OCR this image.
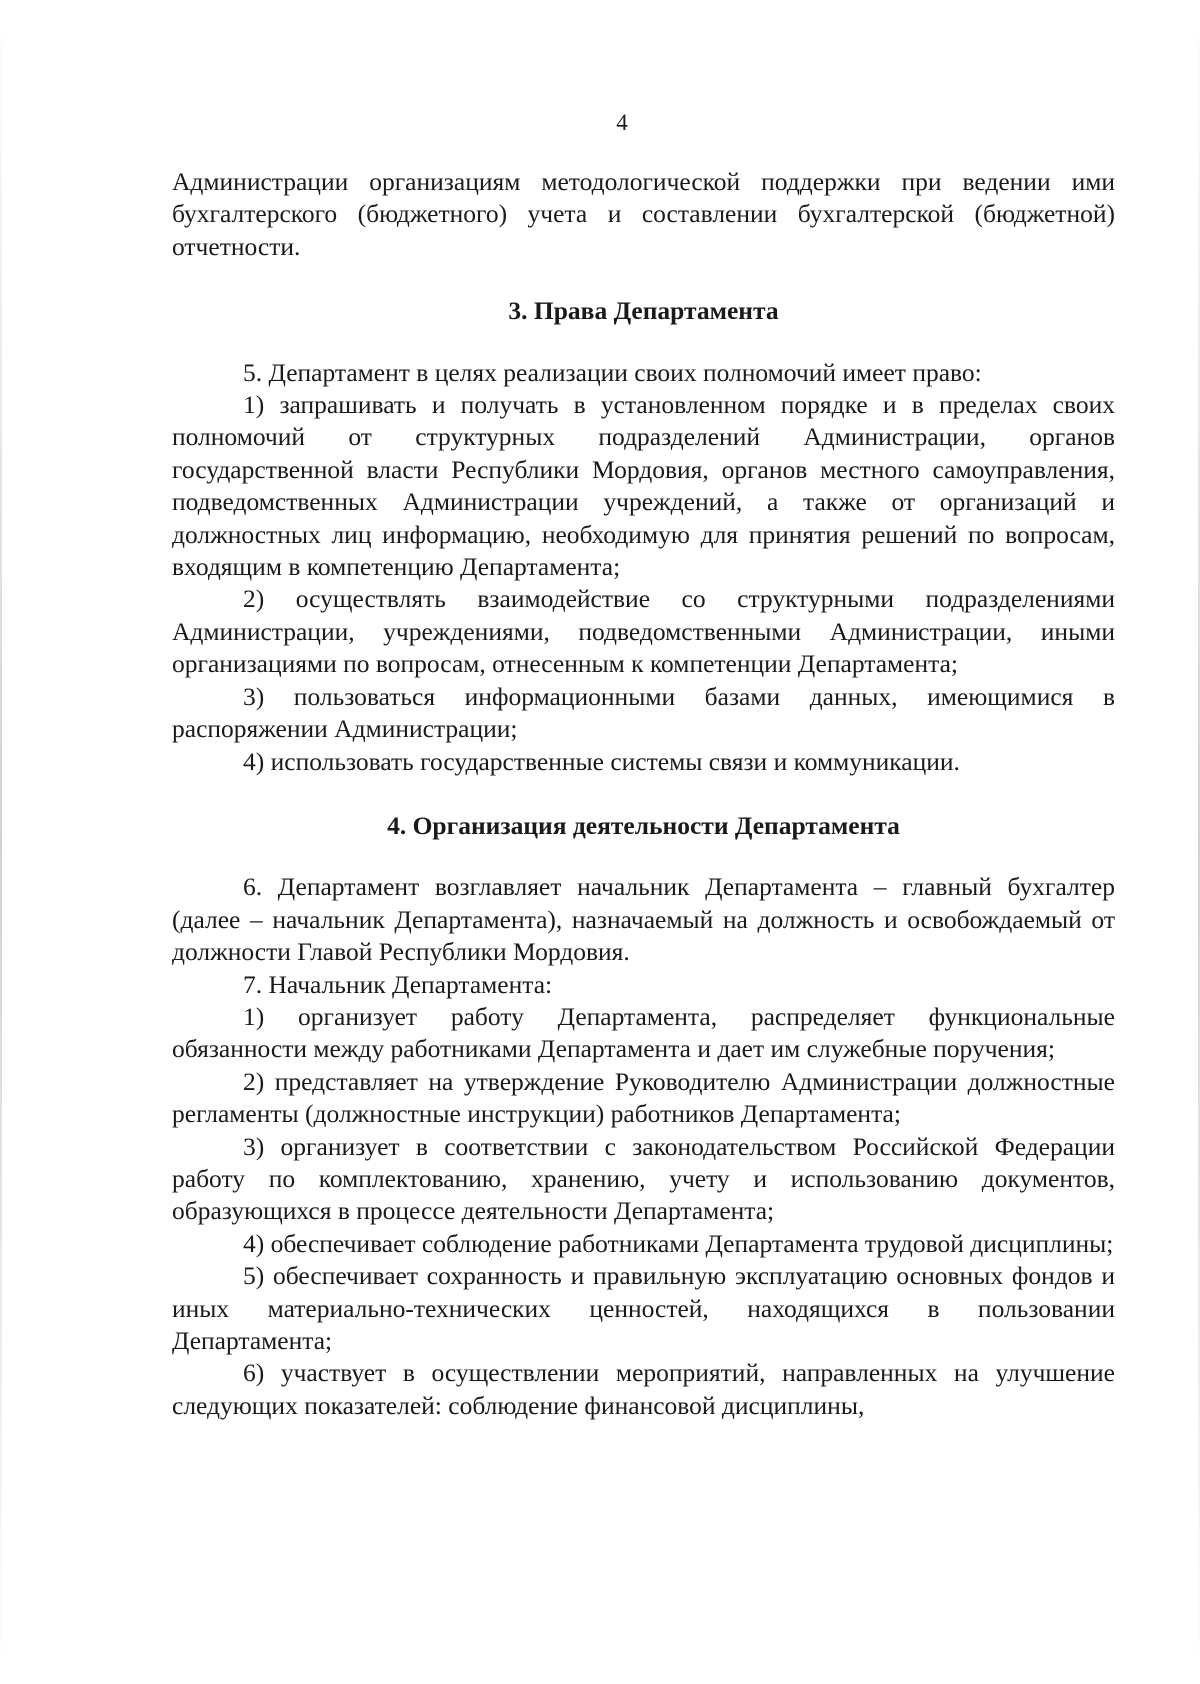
4

Администрации организациям методологической поддержки при ведении ими бухгалтерского (бюджетного) учета и составлении бухгалтерской (бюджетной) отчетности.

3. Права Департамента

5. Департамент в целях реализации своих полномочий имеет право:

1) запрашивать и получать в установленном порядке и в пределах своих полномочий от структурных подразделений Администрации, органов государственной власти Республики Мордовия, органов местного самоуправления, подведомственных Администрации учреждений, а также от организаций и должностных лиц информацию, необходимую для принятия решений по вопросам, входящим в компетенцию Департамента;

2) осуществлять взаимодействие со структурными подразделениями Администрации, учреждениями, подведомственными Администрации, иными организациями по вопросам, отнесенным к компетенции Департамента;

3) пользоваться информационными базами данных, имеющимися в распоряжении Администрации;

4) использовать государственные системы связи и коммуникации.

4. Организация деятельности Департамента

6. Департамент возглавляет начальник Департамента – главный бухгалтер (далее – начальник Департамента), назначаемый на должность и освобождаемый от должности Главой Республики Мордовия.

7. Начальник Департамента:

1) организует работу Департамента, распределяет функциональные обязанности между работниками Департамента и дает им служебные поручения;

2) представляет на утверждение Руководителю Администрации должностные регламенты (должностные инструкции) работников Департамента;

3) организует в соответствии с законодательством Российской Федерации работу по комплектованию, хранению, учету и использованию документов, образующихся в процессе деятельности Департамента;

4) обеспечивает соблюдение работниками Департамента трудовой дисциплины;

5) обеспечивает сохранность и правильную эксплуатацию основных фондов и иных материально-технических ценностей, находящихся в пользовании Департамента;

6) участвует в осуществлении мероприятий, направленных на улучшение следующих показателей: соблюдение финансовой дисциплины,
